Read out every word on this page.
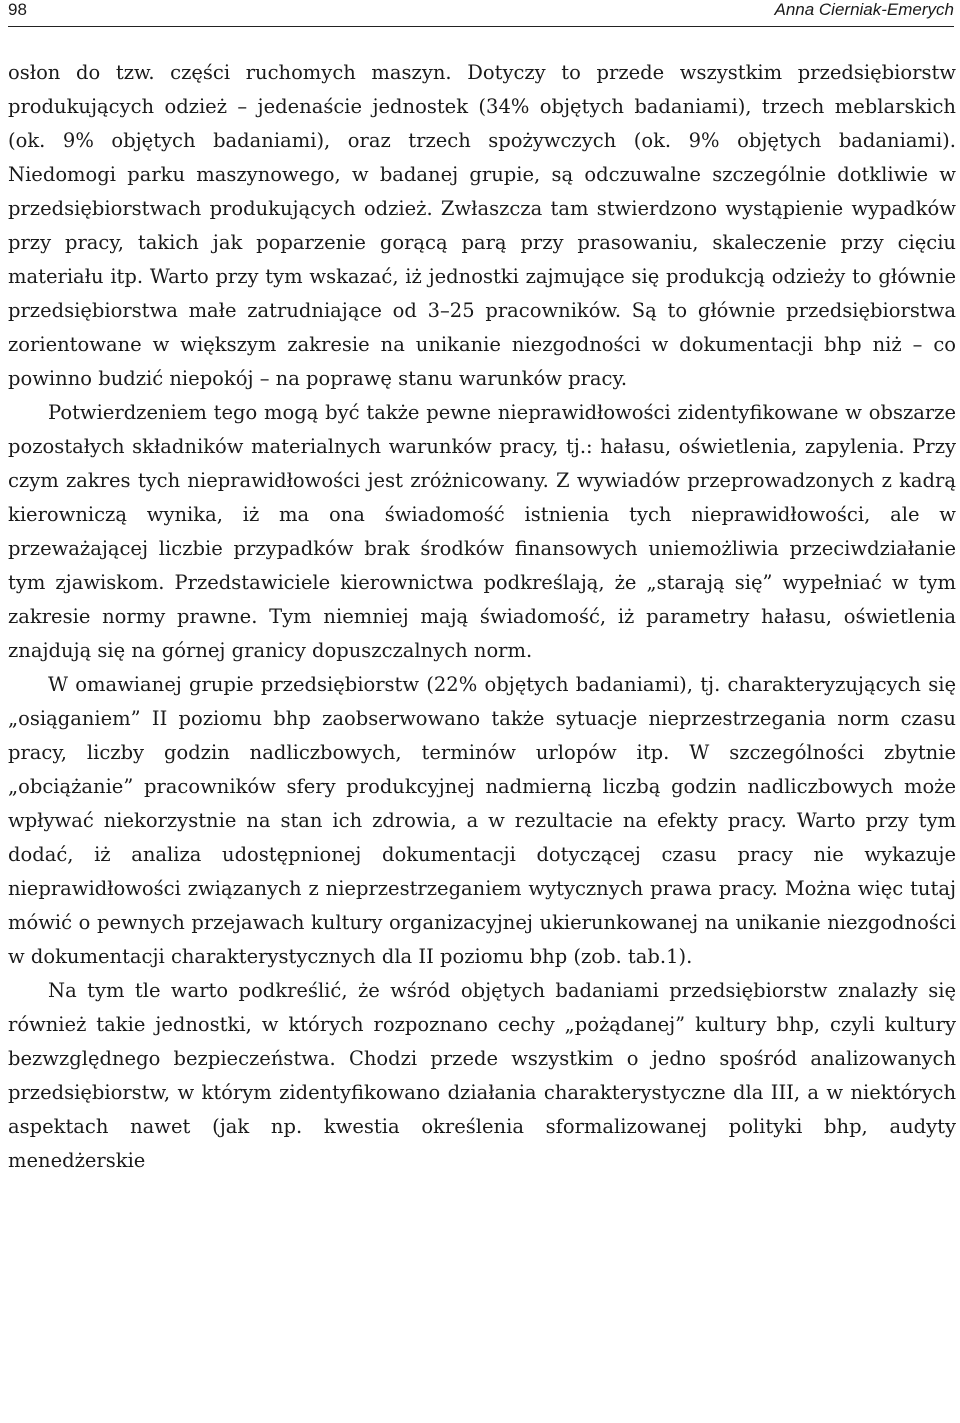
98	Anna Cierniak-Emerych

osłon do tzw. części ruchomych maszyn. Dotyczy to przede wszystkim przedsiębiorstw produkujących odzież – jedenaście jednostek (34% objętych badaniami), trzech meblarskich (ok. 9% objętych badaniami), oraz trzech spożywczych (ok. 9% objętych badaniami). Niedomogi parku maszynowego, w badanej grupie, są odczuwalne szczególnie dotkliwie w przedsiębiorstwach produkujących odzież. Zwłaszcza tam stwierdzono wystąpienie wypadków przy pracy, takich jak poparzenie gorącą parą przy prasowaniu, skaleczenie przy cięciu materiału itp. Warto przy tym wskazać, iż jednostki zajmujące się produkcją odzieży to głównie przedsiębiorstwa małe zatrudniające od 3–25 pracowników. Są to głównie przedsiębiorstwa zorientowane w większym zakresie na unikanie niezgodności w dokumentacji bhp niż – co powinno budzić niepokój – na poprawę stanu warunków pracy.

Potwierdzeniem tego mogą być także pewne nieprawidłowości zidentyfikowane w obszarze pozostałych składników materialnych warunków pracy, tj.: hałasu, oświetlenia, zapylenia. Przy czym zakres tych nieprawidłowości jest zróżnicowany. Z wywiadów przeprowadzonych z kadrą kierowniczą wynika, iż ma ona świadomość istnienia tych nieprawidłowości, ale w przeważającej liczbie przypadków brak środków finansowych uniemożliwia przeciwdziałanie tym zjawiskom. Przedstawiciele kierownictwa podkreślają, że „starają się” wypełniać w tym zakresie normy prawne. Tym niemniej mają świadomość, iż parametry hałasu, oświetlenia znajdują się na górnej granicy dopuszczalnych norm.

W omawianej grupie przedsiębiorstw (22% objętych badaniami), tj. charakteryzujących się „osiąganiem” II poziomu bhp zaobserwowano także sytuacje nieprzestrzegania norm czasu pracy, liczby godzin nadliczbowych, terminów urlopów itp. W szczególności zbytnie „obciążanie” pracowników sfery produkcyjnej nadmierną liczbą godzin nadliczbowych może wpływać niekorzystnie na stan ich zdrowia, a w rezultacie na efekty pracy. Warto przy tym dodać, iż analiza udostępnionej dokumentacji dotyczącej czasu pracy nie wykazuje nieprawidłowości związanych z nieprzestrzeganiem wytycznych prawa pracy. Można więc tutaj mówić o pewnych przejawach kultury organizacyjnej ukierunkowanej na unikanie niezgodności w dokumentacji charakterystycznych dla II poziomu bhp (zob. tab.1).

Na tym tle warto podkreślić, że wśród objętych badaniami przedsiębiorstw znalazły się również takie jednostki, w których rozpoznano cechy „pożądanej” kultury bhp, czyli kultury bezwzględnego bezpieczeństwa. Chodzi przede wszystkim o jedno spośród analizowanych przedsiębiorstw, w którym zidentyfikowano działania charakterystyczne dla III, a w niektórych aspektach nawet (jak np. kwestia określenia sformalizowanej polityki bhp, audyty menedżerskie
